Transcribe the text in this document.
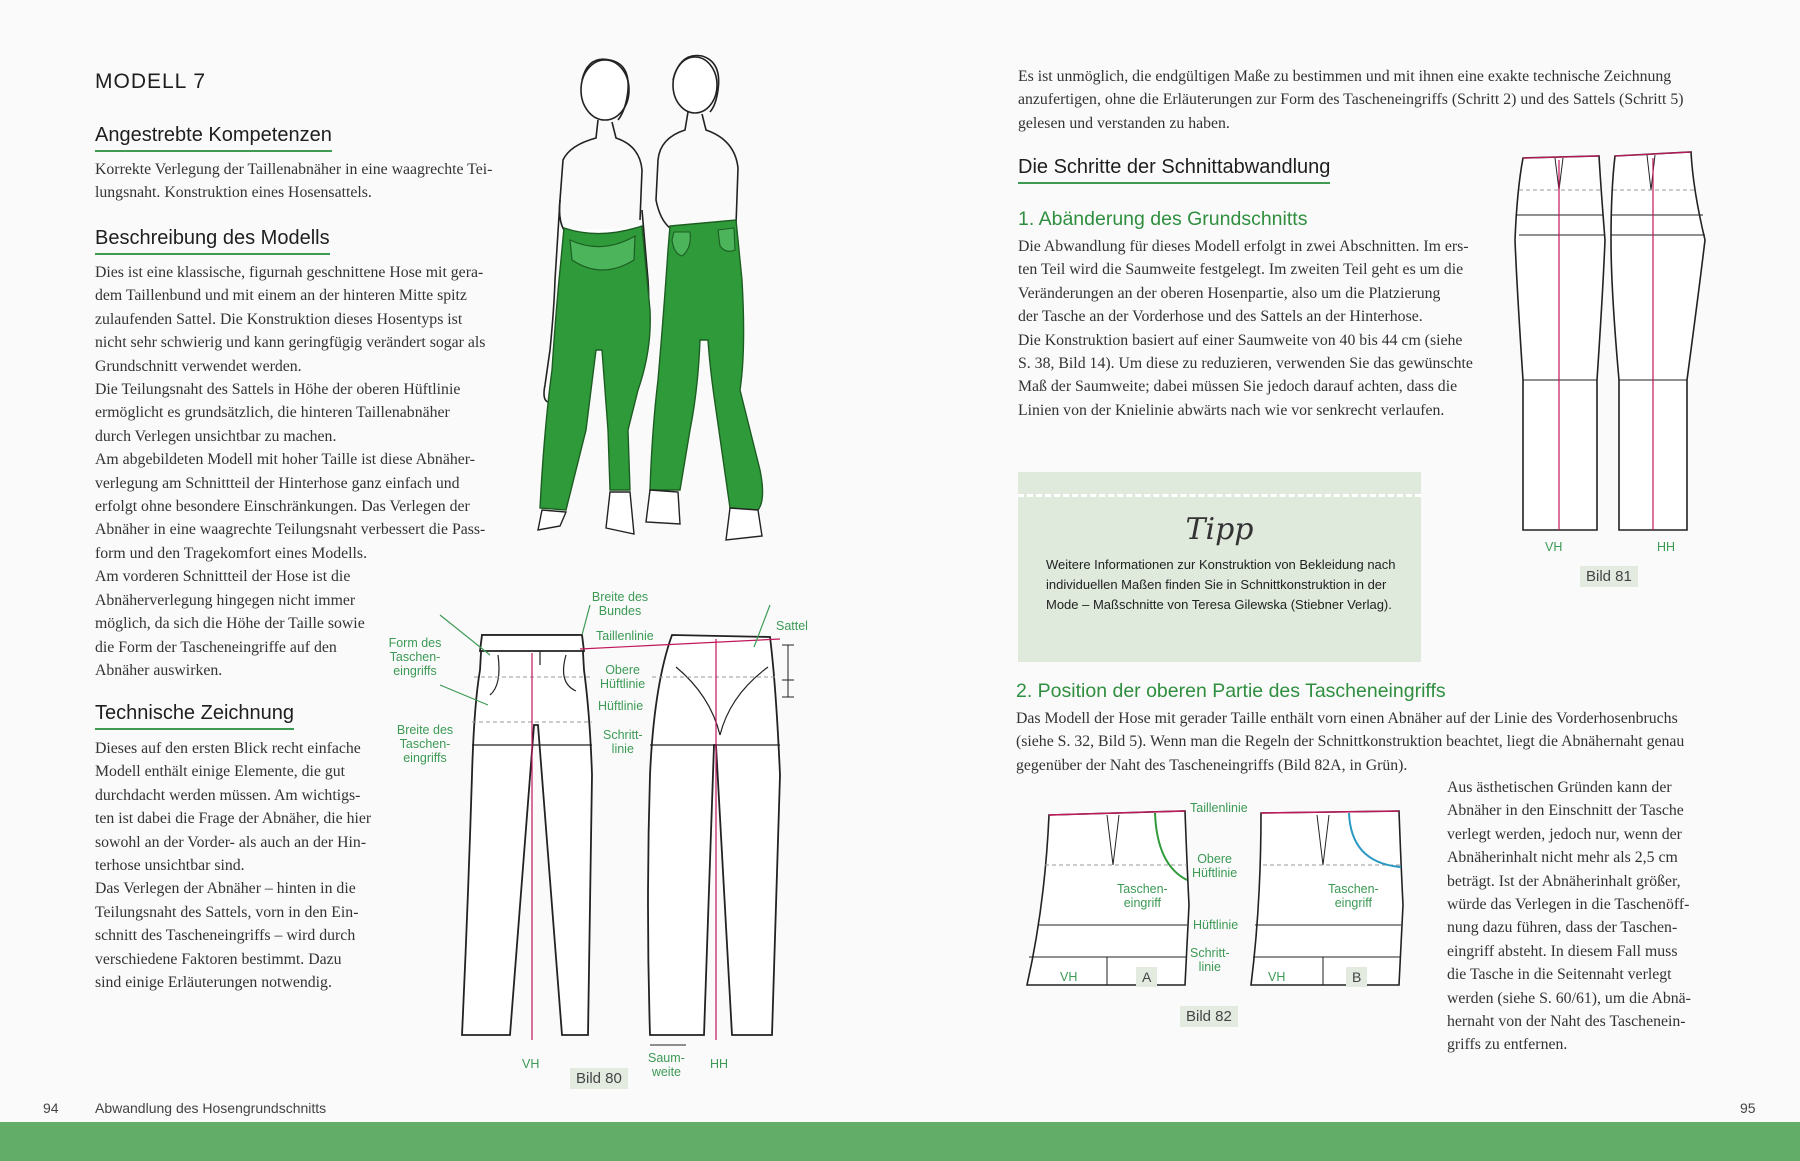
MODELL 7
Angestrebte Kompetenzen

Korrekte Verlegung der Taillenabnäher in eine waagrechte Tei-

lungsnaht. Konstruktion eines Hosensattels.

Beschreibung des Modells

Dies ist eine klassische, figurnah geschnittene Hose mit gera-

dem Taillenbund und mit einem an der hinteren Mitte spitz

zulaufenden Sattel. Die Konstruktion dieses Hosentyps ist

nicht sehr schwierig und kann geringfügig verändert sogar als

Grundschnitt verwendet werden.

Die Teilungsnaht des Sattels in Höhe der oberen Hüftlinie

ermöglicht es grundsätzlich, die hinteren Taillenabnäher

durch Verlegen unsichtbar zu machen.

Am abgebildeten Modell mit hoher Taille ist diese Abnäher-

verlegung am Schnittteil der Hinterhose ganz einfach und

erfolgt ohne besondere Einschränkungen. Das Verlegen der

Abnäher in eine waagrechte Teilungsnaht verbessert die Pass-

form und den Tragekomfort eines Modells.

Am vorderen Schnittteil der Hose ist die

Abnäherverlegung hingegen nicht immer

möglich, da sich die Höhe der Taille sowie

die Form der Tascheneingriffe auf den

Abnäher auswirken.

Technische Zeichnung

Dieses auf den ersten Blick recht einfache

Modell enthält einige Elemente, die gut

durchdacht werden müssen. Am wichtigs-

ten ist dabei die Frage der Abnäher, die hier

sowohl an der Vorder- als auch an der Hin-

terhose unsichtbar sind.

Das Verlegen der Abnäher – hinten in die

Teilungsnaht des Sattels, vorn in den Ein-

schnitt des Tascheneingriffs – wird durch

verschiedene Faktoren bestimmt. Dazu

sind einige Erläuterungen notwendig.

Breite des
Bundes
Taillenlinie
Sattel
Form des
Taschen-
eingriffs	Obere
Hüftlinie
Hüftlinie
Breite des
Taschen-
eingriffs
Schritt-
linie
VH	HH
Saum-
weite
Bild 80
94	Abwandlung des Hosengrundschnitts

Es ist unmöglich, die endgültigen Maße zu bestimmen und mit ihnen eine exakte technische Zeichnung

anzufertigen, ohne die Erläuterungen zur Form des Tascheneingriffs (Schritt 2) und des Sattels (Schritt 5)

gelesen und verstanden zu haben.

Die Schritte der Schnittabwandlung
1. Abänderung des Grundschnitts

Die Abwandlung für dieses Modell erfolgt in zwei Abschnitten. Im ers-

ten Teil wird die Saumweite festgelegt. Im zweiten Teil geht es um die

Veränderungen an der oberen Hosenpartie, also um die Platzierung

der Tasche an der Vorderhose und des Sattels an der Hinterhose.

Die Konstruktion basiert auf einer Saumweite von 40 bis 44 cm (siehe

S. 38, Bild 14). Um diese zu reduzieren, verwenden Sie das gewünschte

Maß der Saumweite; dabei müssen Sie jedoch darauf achten, dass die

Linien von der Knielinie abwärts nach wie vor senkrecht verlaufen.

VH	HH
Bild 81
Tipp
Weitere Informationen zur Konstruktion von Bekleidung nach individuellen Maßen finden Sie in Schnittkonstruktion in der Mode – Maßschnitte von Teresa Gilewska (Stiebner Verlag).
2. Position der oberen Partie des Tascheneingriffs

Das Modell der Hose mit gerader Taille enthält vorn einen Abnäher auf der Linie des Vorderhosenbruchs

(siehe S. 32, Bild 5). Wenn man die Regeln der Schnittkonstruktion beachtet, liegt die Abnähernaht genau

gegenüber der Naht des Tascheneingriffs (Bild 82A, in Grün).

Aus ästhetischen Gründen kann der

Abnäher in den Einschnitt der Tasche

verlegt werden, jedoch nur, wenn der

Abnäherinhalt nicht mehr als 2,5 cm

beträgt. Ist der Abnäherinhalt größer,

würde das Verlegen in die Taschenöff-

nung dazu führen, dass der Taschen-

eingriff absteht. In diesem Fall muss

die Tasche in die Seitennaht verlegt

werden (siehe S. 60/61), um die Abnä-

hernaht von der Naht des Taschenein-

griffs zu entfernen.

Taillenlinie
Obere
Hüftlinie
Taschen-
eingriff
Taschen-
eingriff
Hüftlinie
Schritt-
linie
VH	A	VH	B
Bild 82
95
